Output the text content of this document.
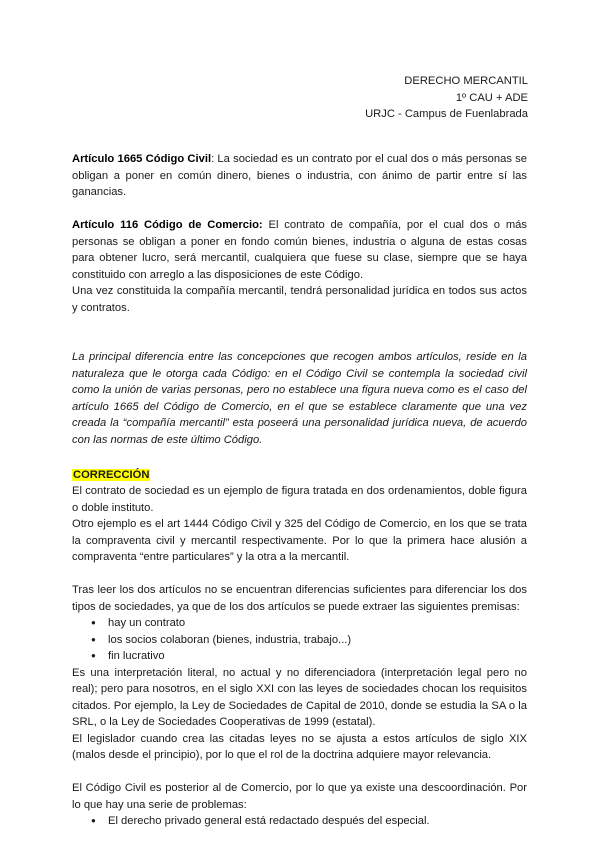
DERECHO MERCANTIL
1º CAU + ADE
URJC - Campus de Fuenlabrada

Artículo 1665 Código Civil: La sociedad es un contrato por el cual dos o más personas se obligan a poner en común dinero, bienes o industria, con ánimo de partir entre sí las ganancias.

Artículo 116 Código de Comercio: El contrato de compañía, por el cual dos o más personas se obligan a poner en fondo común bienes, industria o alguna de estas cosas para obtener lucro, será mercantil, cualquiera que fuese su clase, siempre que se haya constituido con arreglo a las disposiciones de este Código.

Una vez constituida la compañía mercantil, tendrá personalidad jurídica en todos sus actos y contratos.

La principal diferencia entre las concepciones que recogen ambos artículos, reside en la naturaleza que le otorga cada Código: en el Código Civil se contempla la sociedad civil como la unión de varias personas, pero no establece una figura nueva como es el caso del artículo 1665 del Código de Comercio, en el que se establece claramente que una vez creada la “compañía mercantil” esta poseerá una personalidad jurídica nueva, de acuerdo con las normas de este último Código.

CORRECCIÓN

El contrato de sociedad es un ejemplo de figura tratada en dos ordenamientos, doble figura o doble instituto.

Otro ejemplo es el art 1444 Código Civil y 325 del Código de Comercio, en los que se trata la compraventa civil y mercantil respectivamente. Por lo que la primera hace alusión a compraventa “entre particulares” y la otra a la mercantil.

Tras leer los dos artículos no se encuentran diferencias suficientes para diferenciar los dos tipos de sociedades, ya que de los dos artículos se puede extraer las siguientes premisas:

● hay un contrato
● los socios colaboran (bienes, industria, trabajo...)
● fin lucrativo

Es una interpretación literal, no actual y no diferenciadora (interpretación legal pero no real); pero para nosotros, en el siglo XXI con las leyes de sociedades chocan los requisitos citados. Por ejemplo, la Ley de Sociedades de Capital de 2010, donde se estudia la SA o la SRL, o la Ley de Sociedades Cooperativas de 1999 (estatal).

El legislador cuando crea las citadas leyes no se ajusta a estos artículos de siglo XIX (malos desde el principio), por lo que el rol de la doctrina adquiere mayor relevancia.

El Código Civil es posterior al de Comercio, por lo que ya existe una descoordinación. Por lo que hay una serie de problemas:

● El derecho privado general está redactado después del especial.
